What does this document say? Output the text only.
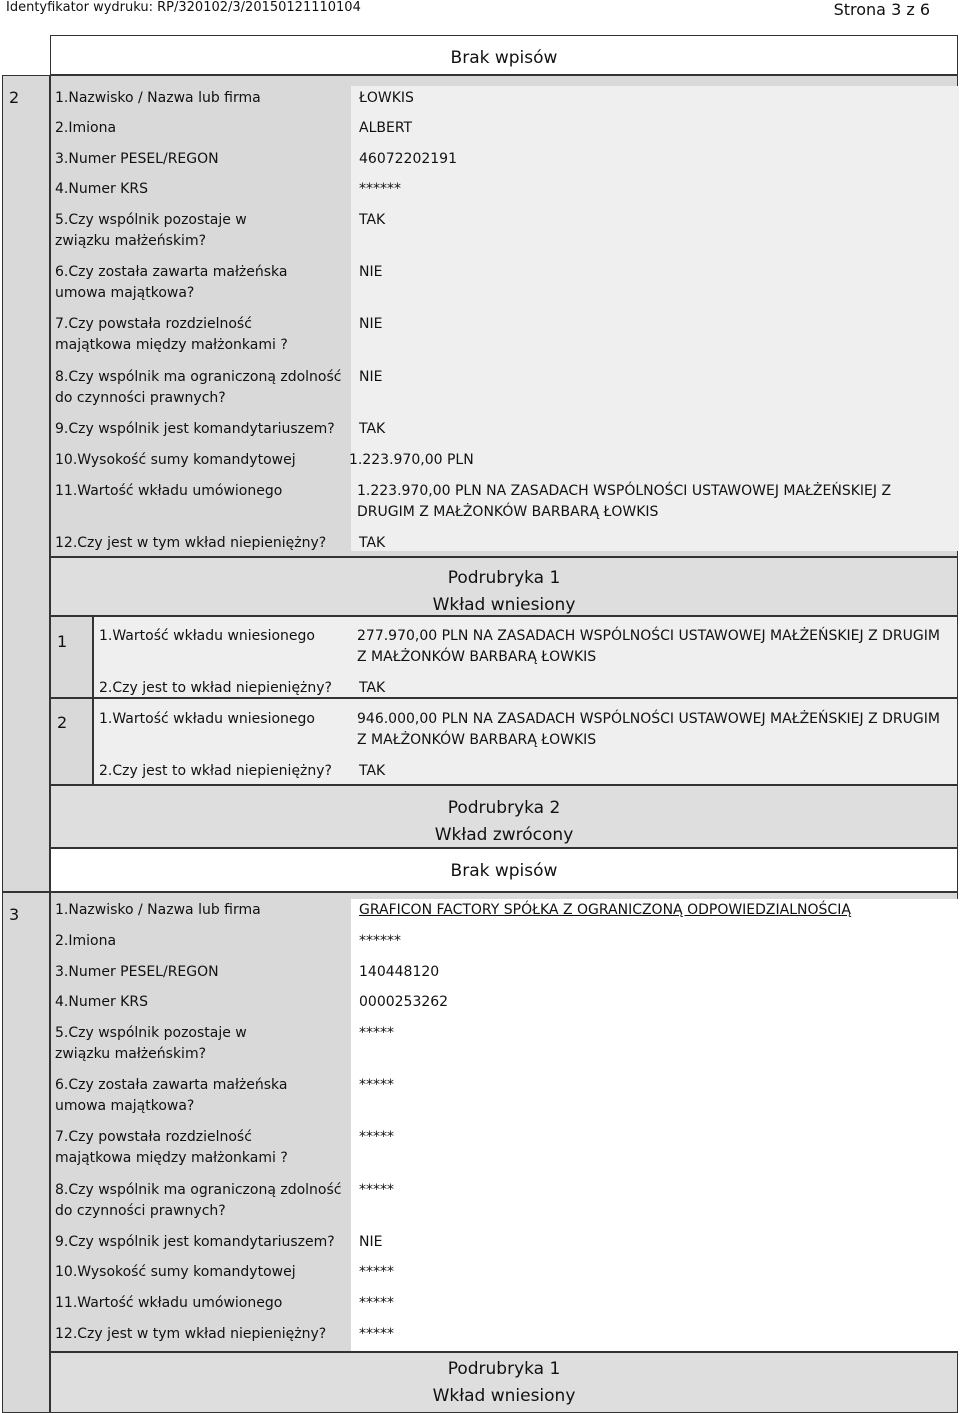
Identyfikator wydruku: RP/320102/3/20150121110104	Strona 3 z 6
Brak wpisów
2	1.Nazwisko / Nazwa lub firma	ŁOWKIS
2.Imiona	ALBERT
3.Numer PESEL/REGON	46072202191
4.Numer KRS	******
5.Czy wspólnik pozostaje w związku małżeńskim?
TAK
6.Czy została zawarta małżeńska umowa majątkowa?
NIE
7.Czy powstała rozdzielność majątkowa między małżonkami ?
NIE
8.Czy wspólnik ma ograniczoną zdolność do czynności prawnych?
NIE
9.Czy wspólnik jest komandytariuszem? TAK
10.Wysokość sumy komandytowej	1.223.970,00 PLN
11.Wartość wkładu umówionego	1.223.970,00 PLN NA ZASADACH WSPÓLNOŚCI USTAWOWEJ MAŁŻEŃSKIEJ Z DRUGIM Z MAŁŻONKÓW BARBARĄ ŁOWKIS
12.Czy jest w tym wkład niepieniężny? TAK
Podrubryka 1
Wkład wniesiony
1 1.Wartość wkładu wniesionego	277.970,00 PLN NA ZASADACH WSPÓLNOŚCI USTAWOWEJ MAŁŻEŃSKIEJ Z DRUGIM Z MAŁŻONKÓW BARBARĄ ŁOWKIS
2.Czy jest to wkład niepieniężny? TAK
2 1.Wartość wkładu wniesionego	946.000,00 PLN NA ZASADACH WSPÓLNOŚCI USTAWOWEJ MAŁŻEŃSKIEJ Z DRUGIM Z MAŁŻONKÓW BARBARĄ ŁOWKIS
2.Czy jest to wkład niepieniężny? TAK
Podrubryka 2
Wkład zwrócony
Brak wpisów
3	1.Nazwisko / Nazwa lub firma	GRAFICON FACTORY SPÓŁKA Z OGRANICZONĄ ODPOWIEDZIALNOŚCIĄ
2.Imiona	******
3.Numer PESEL/REGON	140448120
4.Numer KRS	0000253262
5.Czy wspólnik pozostaje w związku małżeńskim?
*****
6.Czy została zawarta małżeńska umowa majątkowa?
*****
7.Czy powstała rozdzielność majątkowa między małżonkami ?
*****
8.Czy wspólnik ma ograniczoną zdolność do czynności prawnych?
*****
9.Czy wspólnik jest komandytariuszem? NIE
10.Wysokość sumy komandytowej	*****
11.Wartość wkładu umówionego	*****
12.Czy jest w tym wkład niepieniężny? *****
Podrubryka 1
Wkład wniesiony
